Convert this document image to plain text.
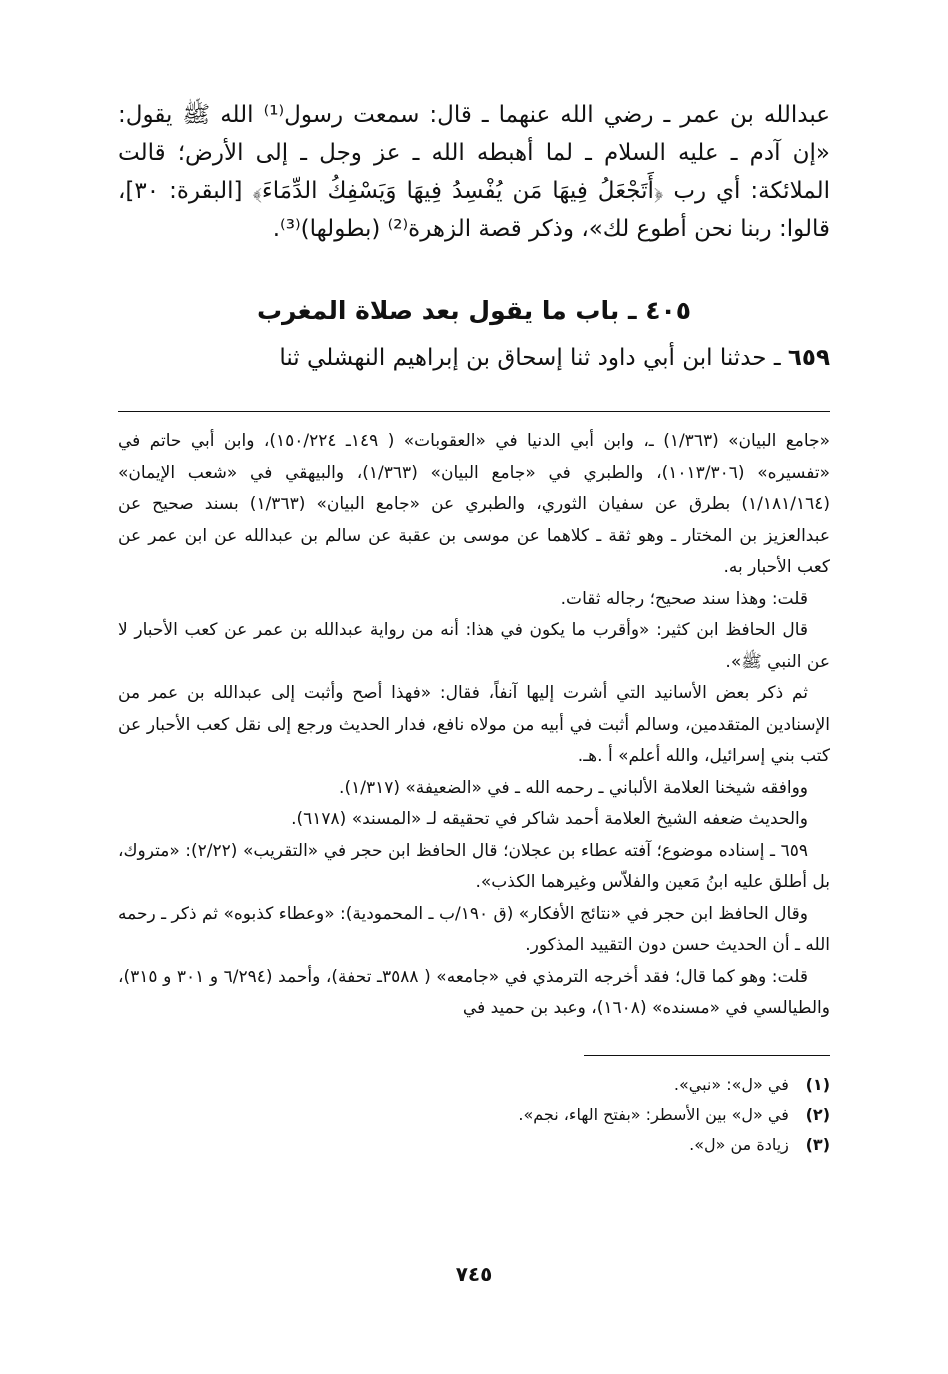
عبدالله بن عمر ـ رضي الله عنهما ـ قال: سمعت رسول⁽¹⁾ الله ﷺ يقول: «إن آدم ـ عليه السلام ـ لما أهبطه الله ـ عز وجل ـ إلى الأرض؛ قالت الملائكة: أي رب ﴿أَتَجْعَلُ فِيهَا مَن يُفْسِدُ فِيهَا وَيَسْفِكُ الدِّمَاءَ﴾ [البقرة: ٣٠]، قالوا: ربنا نحن أطوع لك»، وذكر قصة الزهرة⁽²⁾ (بطولها)⁽³⁾.

٤٠٥ ـ باب ما يقول بعد صلاة المغرب
٦٥٩ ـ حدثنا ابن أبي داود ثنا إسحاق بن إبراهيم النهشلي ثنا

«جامع البيان» (١/٣٦٣) ـ، وابن أبي الدنيا في «العقوبات» ( ١٤٩ـ ١٥٠/٢٢٤)، وابن أبي حاتم في «تفسيره» (١٠١٣/٣٠٦)، والطبري في «جامع البيان» (١/٣٦٣)، والبيهقي في «شعب الإيمان» (١/١٨١/١٦٤) بطرق عن سفيان الثوري، والطبري عن «جامع البيان» (١/٣٦٣) بسند صحيح عن عبدالعزيز بن المختار ـ وهو ثقة ـ كلاهما عن موسى بن عقبة عن سالم بن عبدالله عن ابن عمر عن كعب الأحبار به.

قلت: وهذا سند صحيح؛ رجاله ثقات.

قال الحافظ ابن كثير: «وأقرب ما يكون في هذا: أنه من رواية عبدالله بن عمر عن كعب الأحبار لا عن النبي ﷺ».

ثم ذكر بعض الأسانيد التي أشرت إليها آنفاً، فقال: «فهذا أصح وأثبت إلى عبدالله بن عمر من الإسنادين المتقدمين، وسالم أثبت في أبيه من مولاه نافع، فدار الحديث ورجع إلى نقل كعب الأحبار عن كتب بني إسرائيل، والله أعلم» أ .هـ.

ووافقه شيخنا العلامة الألباني ـ رحمه الله ـ في «الضعيفة» (١/٣١٧).

والحديث ضعفه الشيخ العلامة أحمد شاكر في تحقيقه لـ «المسند» (٦١٧٨).

٦٥٩ ـ إسناده موضوع؛ آفته عطاء بن عجلان؛ قال الحافظ ابن حجر في «التقريب» (٢/٢٢): «متروك، بل أطلق عليه ابنُ مَعين والفلاّس وغيرهما الكذب».

وقال الحافظ ابن حجر في «نتائج الأفكار» (ق ١٩٠/ب ـ المحمودية): «وعطاء كذبوه» ثم ذكر ـ رحمه الله ـ أن الحديث حسن دون التقييد المذكور.

قلت: وهو كما قال؛ فقد أخرجه الترمذي في «جامعه» ( ٣٥٨٨ـ تحفة)، وأحمد (٦/٢٩٤ و ٣٠١ و ٣١٥)، والطيالسي في «مسنده» (١٦٠٨)، وعبد بن حميد في

(١) في «ل»: «نبي».
(٢) في «ل» بين الأسطر: «بفتح الهاء، نجم».
(٣) زيادة من «ل».
٧٤٥
